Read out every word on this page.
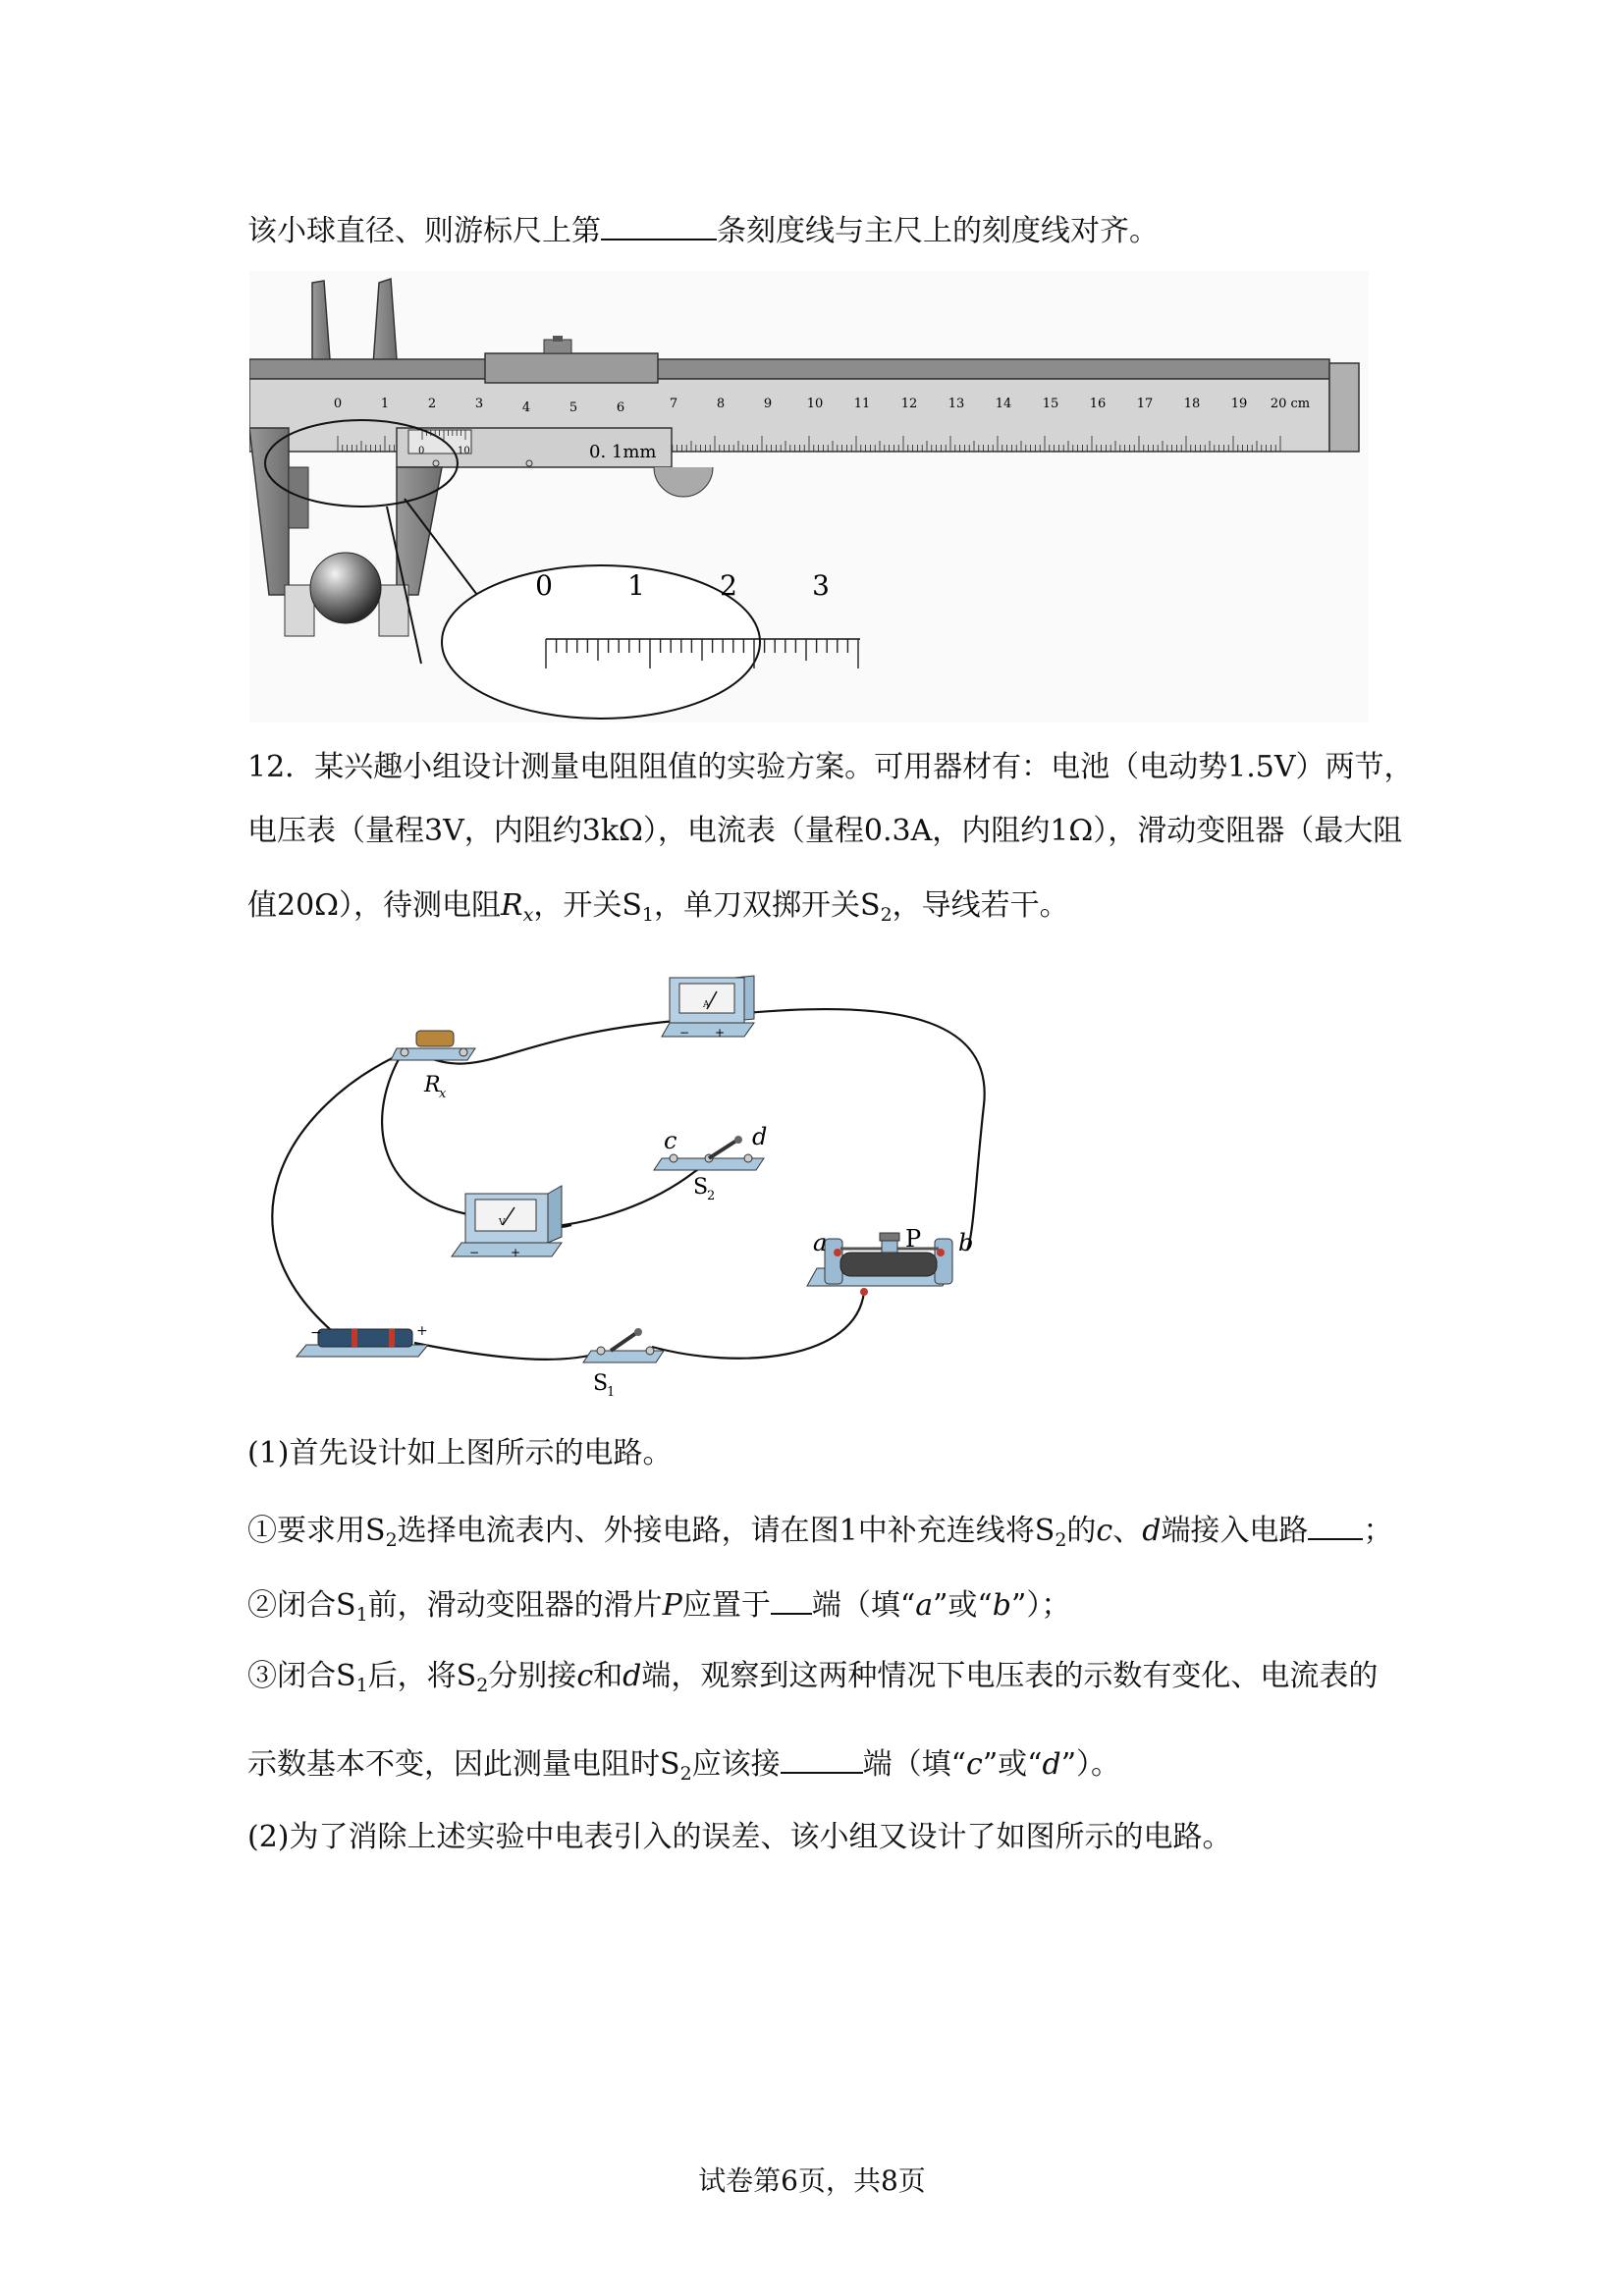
该小球直径、则游标尺上第	条刻度线与主尺上的刻度线对齐。
0	1	2	3	4	5	6	7	8	9	10 11 12 13 14 15 16 17 18 19 20 cm
0	10	0. 1mm
0	1	2	3
12．某兴趣小组设计测量电阻阻值的实验方案。可用器材有：电池（电动势1.5V）两节，
电压表（量程3V，内阻约3kΩ），电流表（量程0.3A，内阻约1Ω），滑动变阻器（最大阻
值20Ω），待测电阻$R_x$，开关$S_1$，单刀双掷开关$S_2$，导线若干。
R
x
A
− +
V
−	+
c	d
S
2
a	b
P
−	+
S
1
(1)首先设计如上图所示的电路。
①要求用$S_2$选择电流表内、外接电路，请在图1中补充连线将$S_2$的c、d端接入电路 ；
②闭合$S_1$前，滑动变阻器的滑片P应置于 端（填“a”或“b”）；
③闭合$S_1$后，将$S_2$分别接c和d端，观察到这两种情况下电压表的示数有变化、电流表的
示数基本不变，因此测量电阻时$S_2$应该接	端（填“c”或“d”）。
(2)为了消除上述实验中电表引入的误差、该小组又设计了如图所示的电路。
试卷第6页，共8页
